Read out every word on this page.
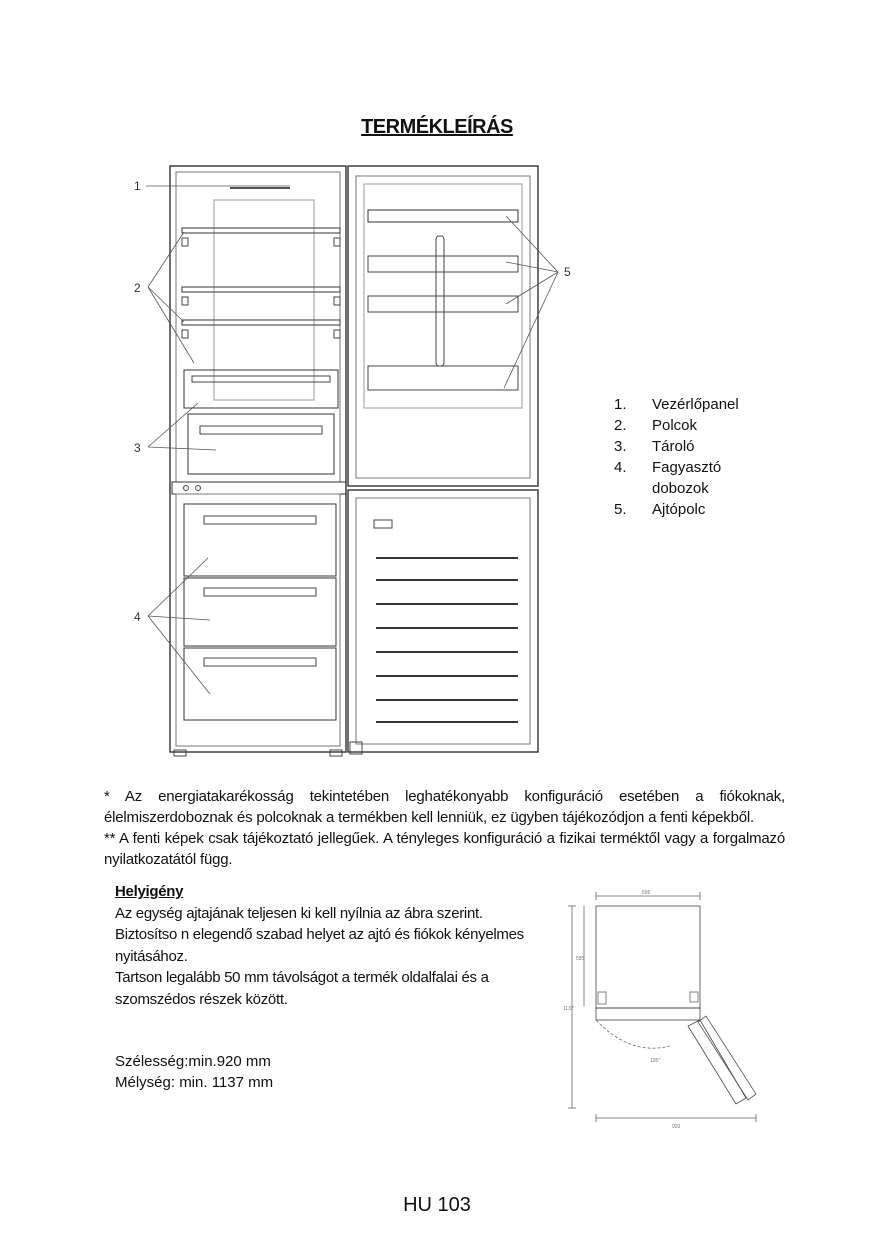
TERMÉKLEÍRÁS
1
2
3
4
5
1.	Vezérlőpanel
2.	Polcok
3.	Tároló
4.	Fagyasztó dobozok
5.	Ajtópolc

* Az energiatakarékosság tekintetében leghatékonyabb konfiguráció esetében a fiókoknak, élelmiszerdoboznak és polcoknak a termékben kell lenniük, ez ügyben tájékozódjon a fenti képekből.

** A fenti képek csak tájékoztató jellegűek. A tényleges konfiguráció a fizikai terméktől vagy a forgalmazó nyilatkozatától függ.

Helyigény

Az egység ajtajának teljesen ki kell nyílnia az ábra szerint.

Biztosítso n elegendő szabad helyet az ajtó és fiókok kényelmes nyitásához.

Tartson legalább 50 mm távolságot a termék oldalfalai és a szomszédos részek között.

Szélesség:min.920 mm

Mélység: min. 1137 mm

595
595
1137
920
135°
HU 103
